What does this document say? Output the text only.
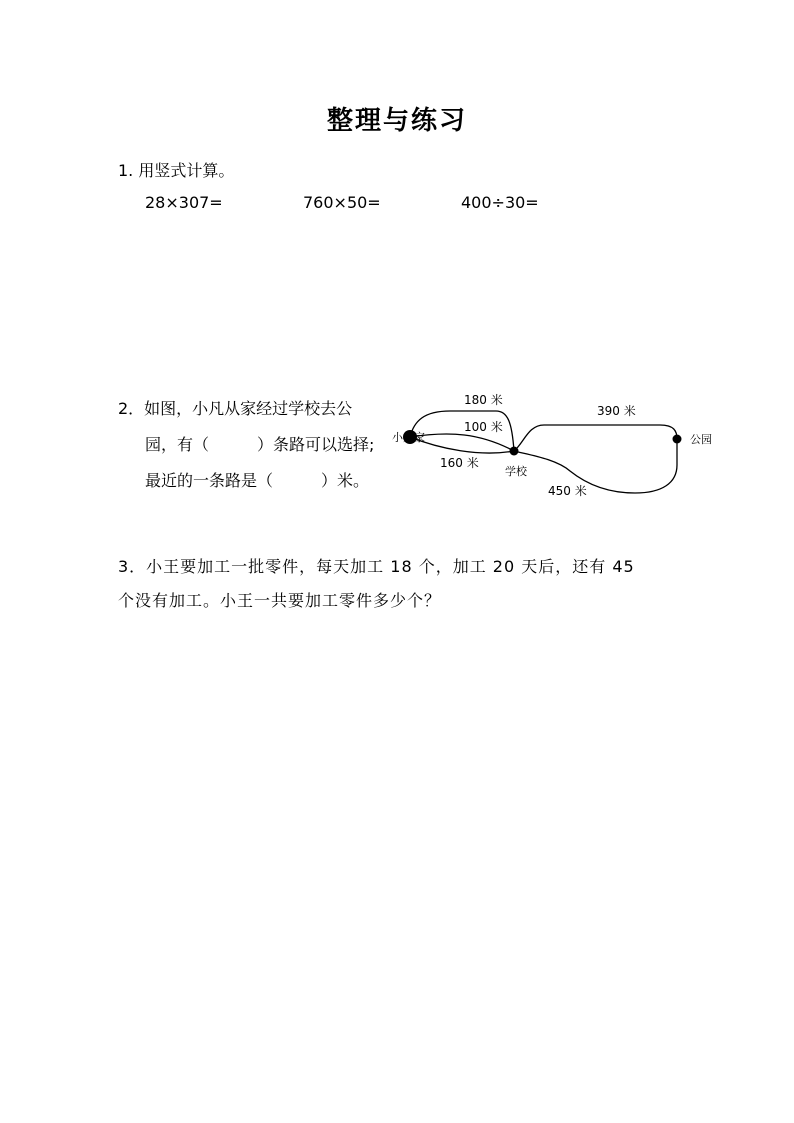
整理与练习
1. 用竖式计算。
28×307=	760×50=	400÷30=
2．如图，小凡从家经过学校去公
园，有（　　　）条路可以选择;
最近的一条路是（　　　）米。
小凡家
学校
公园
180 米
100 米
160 米
390 米
450 米
3．小王要加工一批零件，每天加工 18 个，加工 20 天后，还有 45
个没有加工。小王一共要加工零件多少个？
